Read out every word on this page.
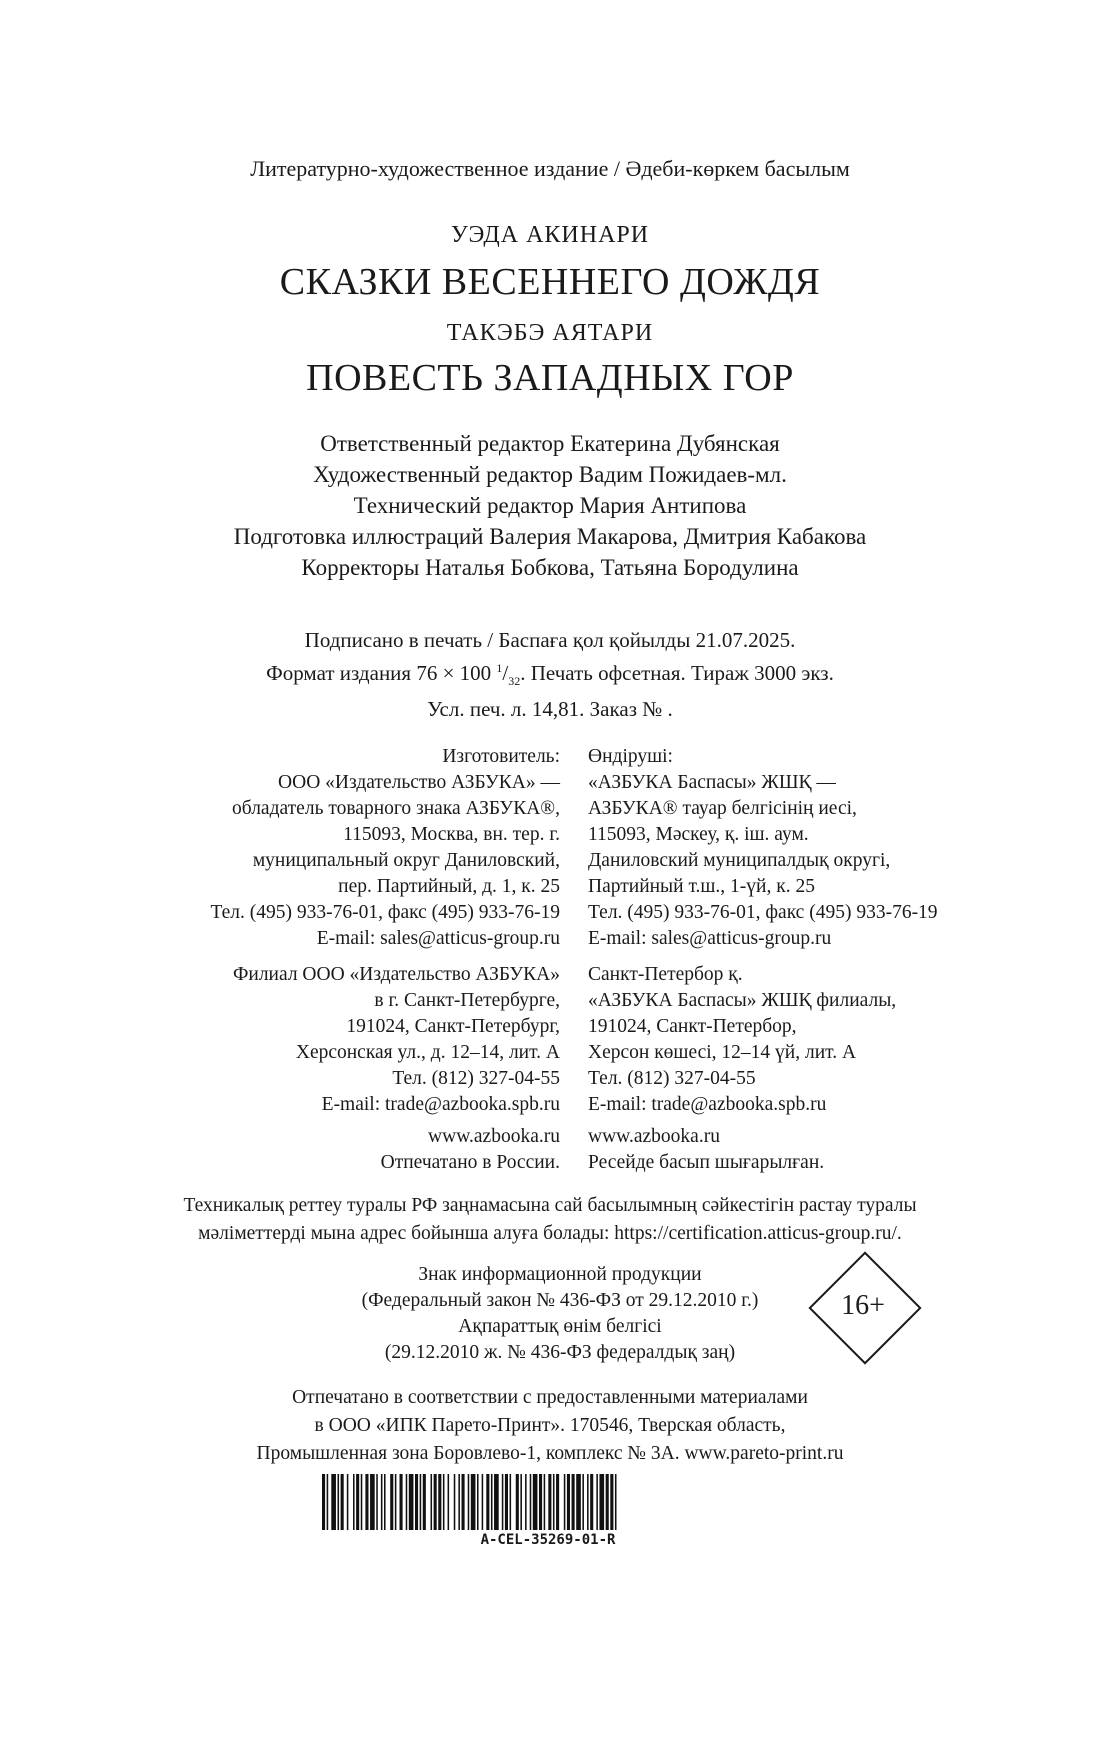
Литературно-художественное издание / Әдеби-көркем басылым
УЭДА АКИНАРИ
СКАЗКИ ВЕСЕННЕГО ДОЖДЯ
ТАКЭБЭ АЯТАРИ
ПОВЕСТЬ ЗАПАДНЫХ ГОР
Ответственный редактор Екатерина Дубянская
Художественный редактор Вадим Пожидаев-мл.
Технический редактор Мария Антипова
Подготовка иллюстраций Валерия Макарова, Дмитрия Кабакова
Корректоры Наталья Бобкова, Татьяна Бородулина
Подписано в печать / Баспаға қол қойылды 21.07.2025.
Формат издания 76 × 100 $^1/_{32}$. Печать офсетная. Тираж 3000 экз.
Усл. печ. л. 14,81. Заказ № .
Изготовитель:
ООО «Издательство АЗБУКА» —
обладатель товарного знака АЗБУКА®,
115093, Москва, вн. тер. г.
муниципальный округ Даниловский,
пер. Партийный, д. 1, к. 25
Тел. (495) 933-76-01, факс (495) 933-76-19
E-mail: sales@atticus-group.ru
Өндіруші:
«АЗБУКА Баспасы» ЖШҚ —
АЗБУКА® тауар белгісінің иесі,
115093, Мәскеу, қ. іш. аум.
Даниловский муниципалдық округі,
Партийный т.ш., 1-үй, к. 25
Тел. (495) 933-76-01, факс (495) 933-76-19
E-mail: sales@atticus-group.ru
Филиал ООО «Издательство АЗБУКА»
в г. Санкт-Петербурге,
191024, Санкт-Петербург,
Херсонская ул., д. 12–14, лит. А
Тел. (812) 327-04-55
E-mail: trade@azbooka.spb.ru
Санкт-Петербор қ.
«АЗБУКА Баспасы» ЖШҚ филиалы,
191024, Санкт-Петербор,
Херсон көшесі, 12–14 үй, лит. А
Тел. (812) 327-04-55
E-mail: trade@azbooka.spb.ru
www.azbooka.ru
Отпечатано в России.
www.azbooka.ru
Ресейде басып шығарылған.
Техникалық реттеу туралы РФ заңнамасына сай басылымның сәйкестігін растау туралы
мәліметтерді мына адрес бойынша алуға болады: https://certification.atticus-group.ru/.
Знак информационной продукции
(Федеральный закон № 436-ФЗ от 29.12.2010 г.)
Ақпараттық өнім белгісі
(29.12.2010 ж. № 436-ФЗ федералдық заң)
16+
Отпечатано в соответствии с предоставленными материалами
в ООО «ИПК Парето-Принт». 170546, Тверская область,
Промышленная зона Боровлево-1, комплекс № 3А. www.pareto-print.ru
A-CEL-35269-01-R
